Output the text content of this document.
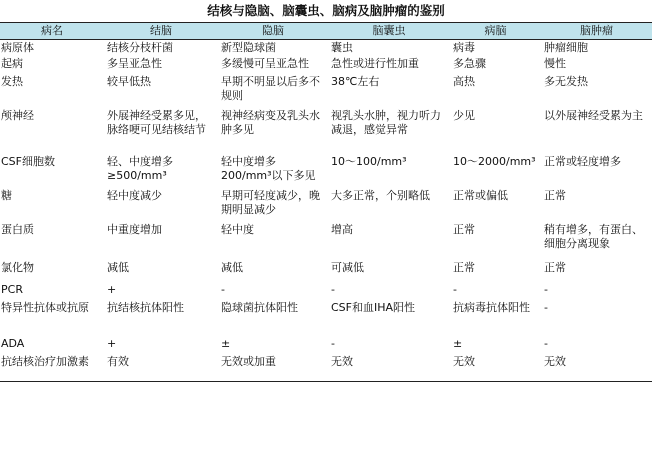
结核与隐脑、脑囊虫、脑病及脑肿瘤的鉴别
病名	结脑	隐脑	脑囊虫	病脑	脑肿瘤
病原体	结核分枝杆菌	新型隐球菌	囊虫	病毒	肿瘤细胞
起病	多呈亚急性	多缓慢可呈亚急性	急性或进行性加重	多急骤	慢性
发热	较早低热	早期不明显以后多不规则	38℃左右	高热	多无发热
颅神经	外展神经受累多见，脉络哽可见结核结节	视神经病变及乳头水肿多见	视乳头水肿，视力听力减退，感觉异常	少见	以外展神经受累为主
CSF细胞数	轻、中度增多≥500/mm³	轻中度增多200/mm³以下多见	10～100/mm³	10～2000/mm³	正常或轻度增多
糖	轻中度减少	早期可轻度减少，晚期明显减少	大多正常，个别略低	正常或偏低	正常
蛋白质	中重度增加	轻中度	增高	正常	稍有增多，有蛋白、细胞分离现象
氯化物	减低	减低	可减低	正常	正常
PCR	+	-	-	-	-
特异性抗体或抗原	抗结核抗体阳性	隐球菌抗体阳性	CSF和血IHA阳性	抗病毒抗体阳性	-
ADA	+	±	-	±	-
抗结核治疗加激素	有效	无效或加重	无效	无效	无效
